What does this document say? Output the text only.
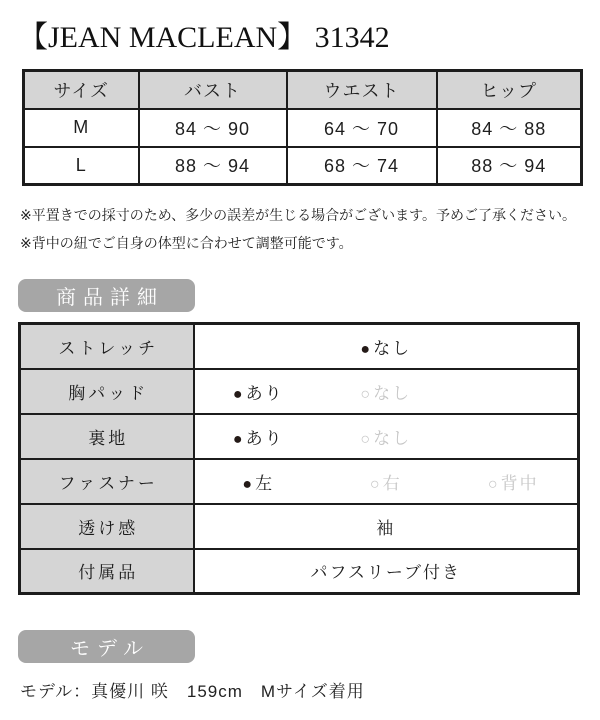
【JEAN MACLEAN】 31342
サイズ	バスト	ウエスト	ヒップ
M	84 〜 90	64 〜 70	84 〜 88
L	88 〜 94	68 〜 74	88 〜 94
※平置きでの採寸のため、多少の誤差が生じる場合がございます。予めご了承ください。
※背中の紐でご自身の体型に合わせて調整可能です。
商品詳細
ストレッチ	● なし
胸パッド	● あり ○ なし

裏地	● あり ○ なし

ファスナー	● 左 ○ 右 ○ 背中

透け感	袖
付属品	パフスリーブ付き
モデル
モデル：真優川 咲　159cm　Mサイズ着用
